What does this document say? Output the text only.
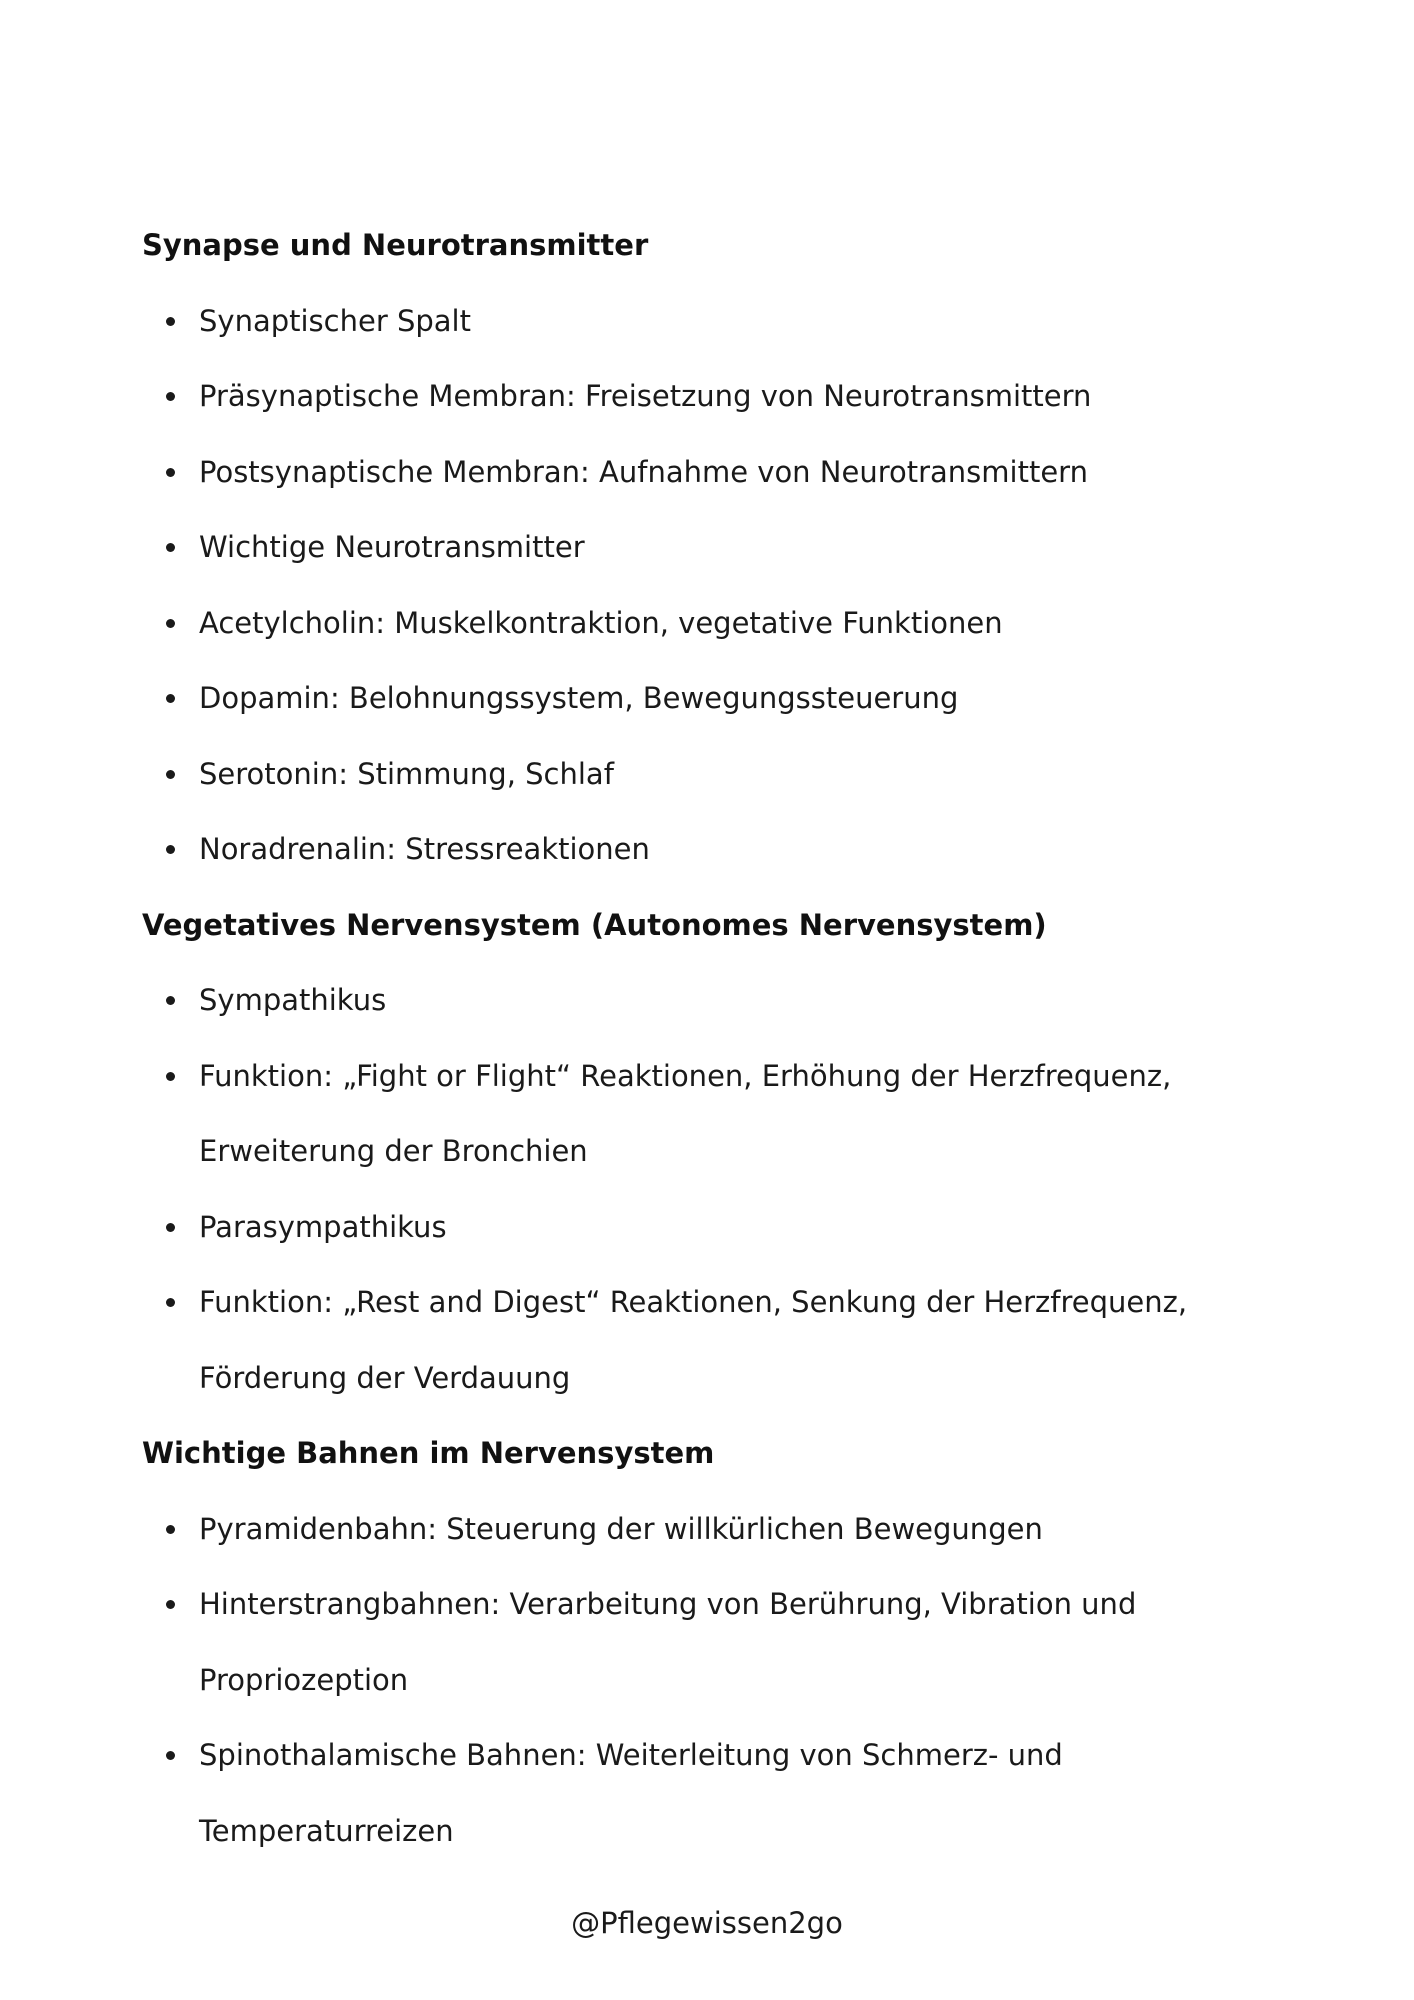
Synapse und Neurotransmitter
Synaptischer Spalt
Präsynaptische Membran: Freisetzung von Neurotransmittern
Postsynaptische Membran: Aufnahme von Neurotransmittern
Wichtige Neurotransmitter
Acetylcholin: Muskelkontraktion, vegetative Funktionen
Dopamin: Belohnungssystem, Bewegungssteuerung
Serotonin: Stimmung, Schlaf
Noradrenalin: Stressreaktionen
Vegetatives Nervensystem (Autonomes Nervensystem)
Sympathikus
Funktion: „Fight or Flight“ Reaktionen, Erhöhung der Herzfrequenz, Erweiterung der Bronchien
Parasympathikus
Funktion: „Rest and Digest“ Reaktionen, Senkung der Herzfrequenz, Förderung der Verdauung
Wichtige Bahnen im Nervensystem
Pyramidenbahn: Steuerung der willkürlichen Bewegungen
Hinterstrangbahnen: Verarbeitung von Berührung, Vibration und Propriozeption
Spinothalamische Bahnen: Weiterleitung von Schmerz- und Temperaturreizen
@Pflegewissen2go
